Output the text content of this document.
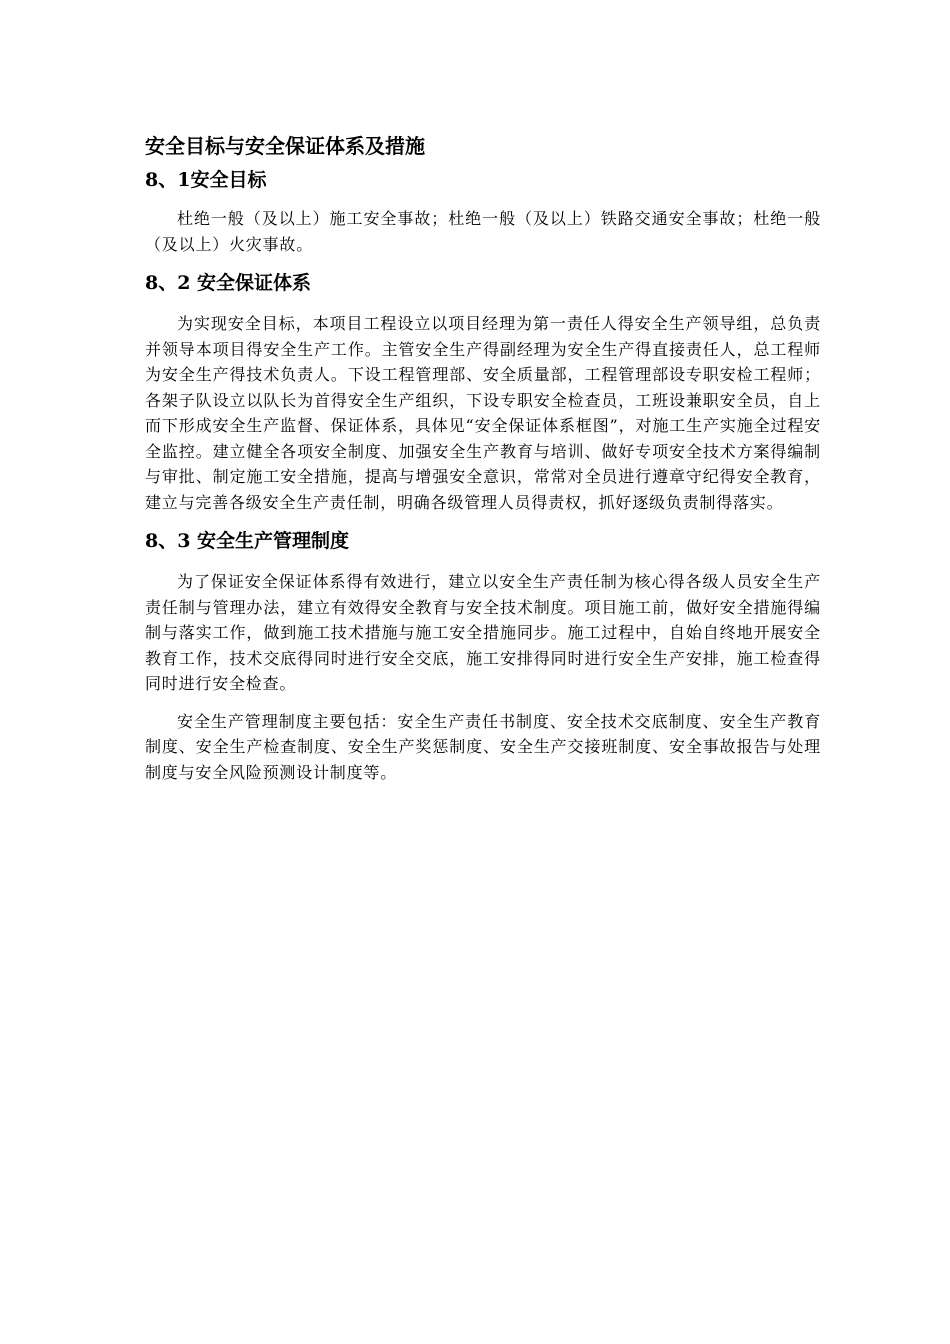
安全目标与安全保证体系及措施
8、1安全目标

杜绝一般（及以上）施工安全事故；杜绝一般（及以上）铁路交通安全事故；杜绝一般（及以上）火灾事故。

8、2 安全保证体系

为实现安全目标，本项目工程设立以项目经理为第一责任人得安全生产领导组，总负责并领导本项目得安全生产工作。主管安全生产得副经理为安全生产得直接责任人，总工程师为安全生产得技术负责人。下设工程管理部、安全质量部，工程管理部设专职安检工程师；各架子队设立以队长为首得安全生产组织，下设专职安全检查员，工班设兼职安全员，自上而下形成安全生产监督、保证体系，具体见“安全保证体系框图”，对施工生产实施全过程安全监控。建立健全各项安全制度、加强安全生产教育与培训、做好专项安全技术方案得编制与审批、制定施工安全措施，提高与增强安全意识，常常对全员进行遵章守纪得安全教育，建立与完善各级安全生产责任制，明确各级管理人员得责权，抓好逐级负责制得落实。

8、3 安全生产管理制度

为了保证安全保证体系得有效进行，建立以安全生产责任制为核心得各级人员安全生产责任制与管理办法，建立有效得安全教育与安全技术制度。项目施工前，做好安全措施得编制与落实工作，做到施工技术措施与施工安全措施同步。施工过程中，自始自终地开展安全教育工作，技术交底得同时进行安全交底，施工安排得同时进行安全生产安排，施工检查得同时进行安全检查。

安全生产管理制度主要包括：安全生产责任书制度、安全技术交底制度、安全生产教育制度、安全生产检查制度、安全生产奖惩制度、安全生产交接班制度、安全事故报告与处理制度与安全风险预测设计制度等。
